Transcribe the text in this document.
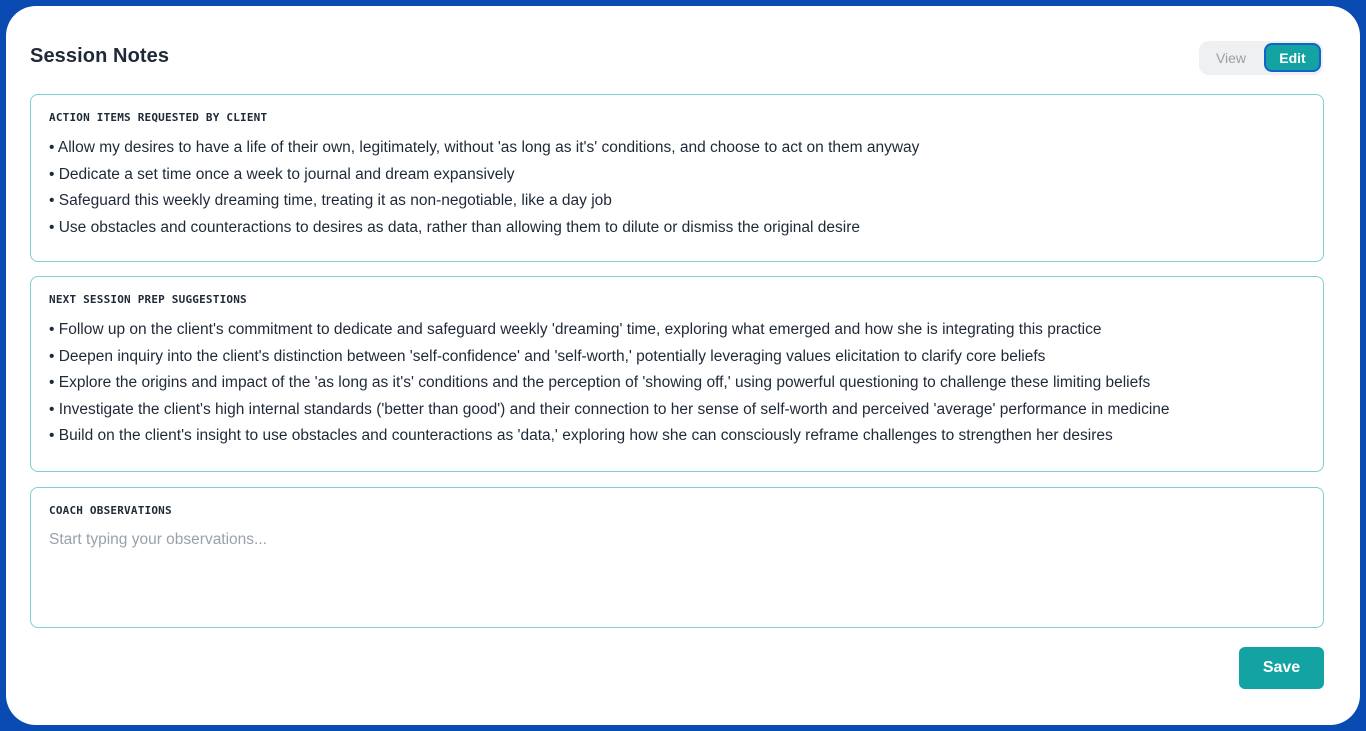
Session Notes	View	Edit
ACTION ITEMS REQUESTED BY CLIENT
• Allow my desires to have a life of their own, legitimately, without 'as long as it's' conditions, and choose to act on them anyway
• Dedicate a set time once a week to journal and dream expansively
• Safeguard this weekly dreaming time, treating it as non-negotiable, like a day job
• Use obstacles and counteractions to desires as data, rather than allowing them to dilute or dismiss the original desire
NEXT SESSION PREP SUGGESTIONS
• Follow up on the client's commitment to dedicate and safeguard weekly 'dreaming' time, exploring what emerged and how she is integrating this practice
• Deepen inquiry into the client's distinction between 'self-confidence' and 'self-worth,' potentially leveraging values elicitation to clarify core beliefs
• Explore the origins and impact of the 'as long as it's' conditions and the perception of 'showing off,' using powerful questioning to challenge these limiting beliefs
• Investigate the client's high internal standards ('better than good') and their connection to her sense of self-worth and perceived 'average' performance in medicine
• Build on the client's insight to use obstacles and counteractions as 'data,' exploring how she can consciously reframe challenges to strengthen her desires
COACH OBSERVATIONS
Start typing your observations...
Save
